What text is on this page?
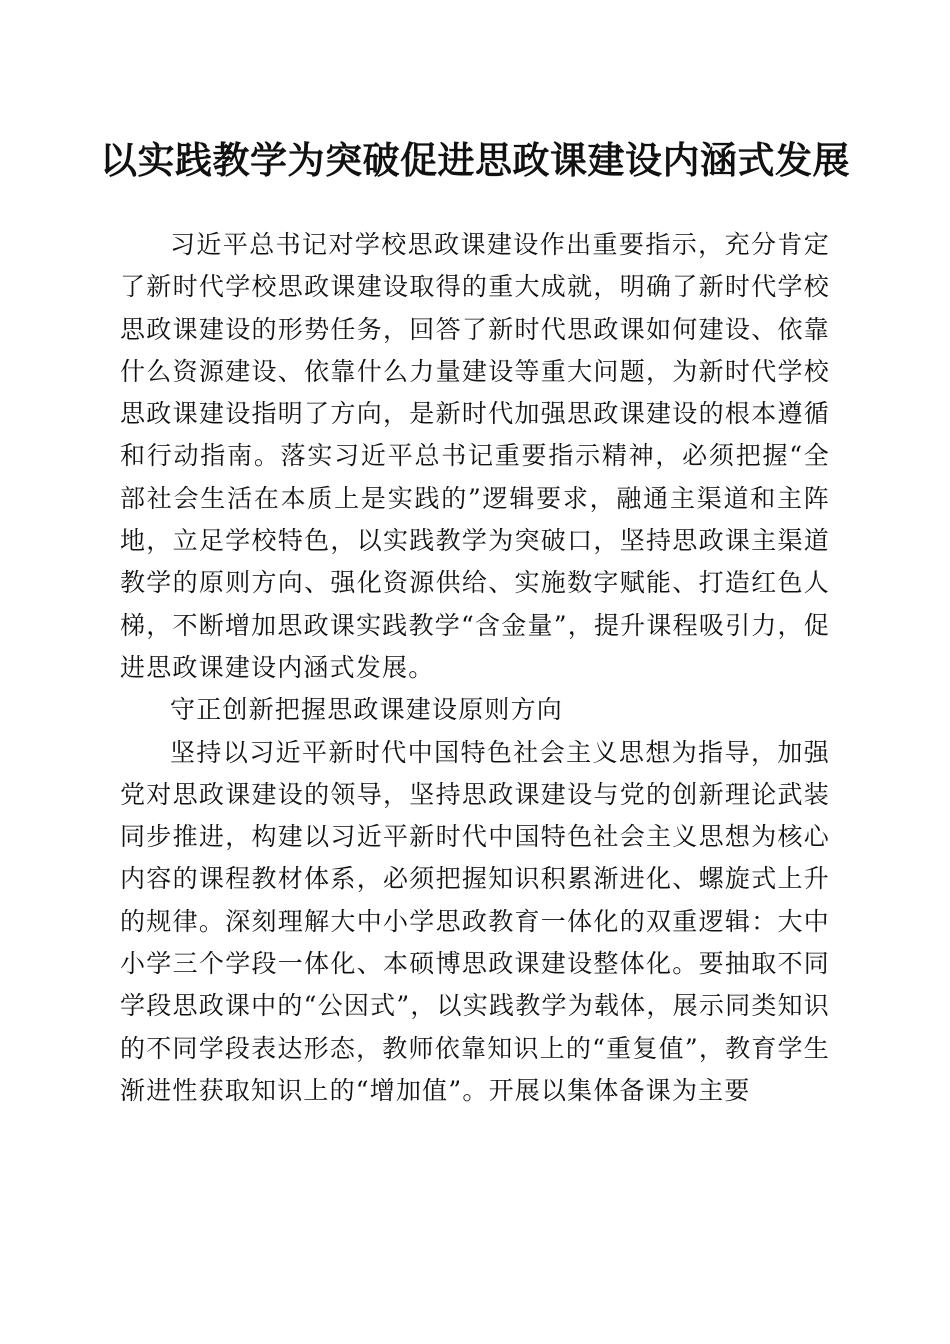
以实践教学为突破促进思政课建设内涵式发展

习近平总书记对学校思政课建设作出重要指示，充分肯定了新时代学校思政课建设取得的重大成就，明确了新时代学校思政课建设的形势任务，回答了新时代思政课如何建设、依靠什么资源建设、依靠什么力量建设等重大问题，为新时代学校思政课建设指明了方向，是新时代加强思政课建设的根本遵循和行动指南。落实习近平总书记重要指示精神，必须把握“全部社会生活在本质上是实践的”逻辑要求，融通主渠道和主阵地，立足学校特色，以实践教学为突破口，坚持思政课主渠道教学的原则方向、强化资源供给、实施数字赋能、打造红色人梯，不断增加思政课实践教学“含金量”，提升课程吸引力，促进思政课建设内涵式发展。

守正创新把握思政课建设原则方向

坚持以习近平新时代中国特色社会主义思想为指导，加强党对思政课建设的领导，坚持思政课建设与党的创新理论武装同步推进，构建以习近平新时代中国特色社会主义思想为核心内容的课程教材体系，必须把握知识积累渐进化、螺旋式上升的规律。深刻理解大中小学思政教育一体化的双重逻辑：大中小学三个学段一体化、本硕博思政课建设整体化。要抽取不同学段思政课中的“公因式”，以实践教学为载体，展示同类知识的不同学段表达形态，教师依靠知识上的“重复值”，教育学生渐进性获取知识上的“增加值”。开展以集体备课为主要
